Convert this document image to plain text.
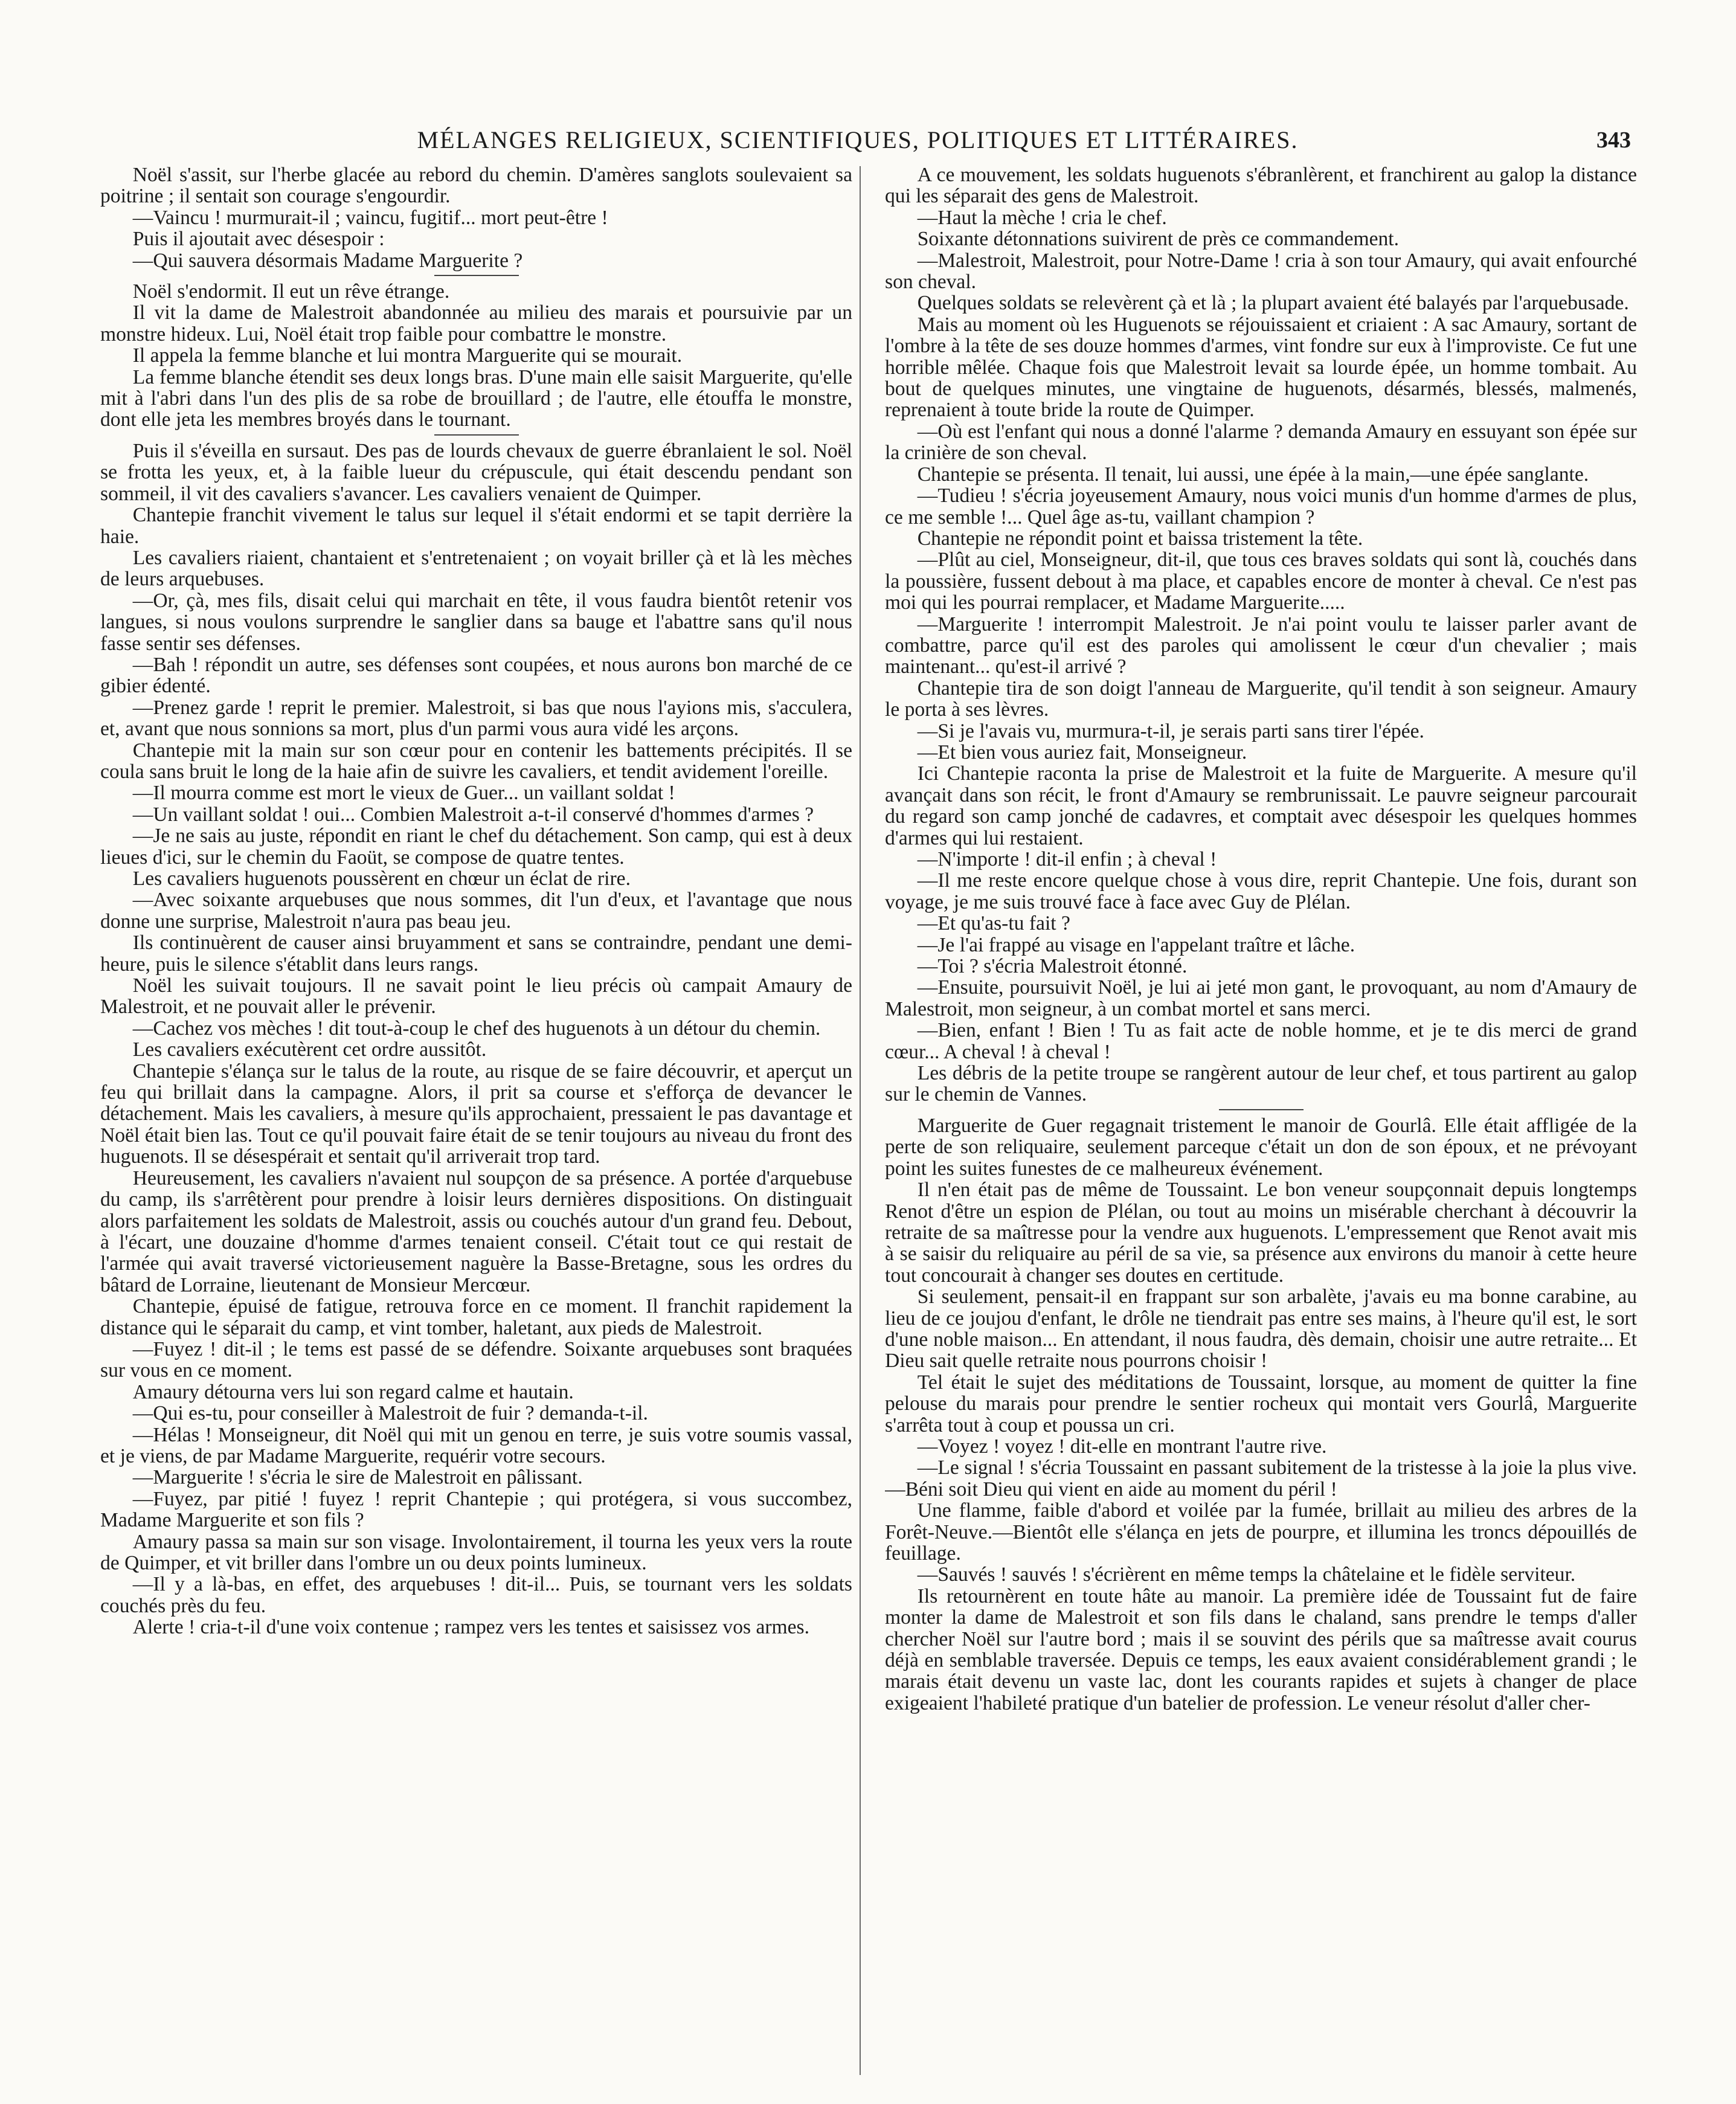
MÉLANGES RELIGIEUX, SCIENTIFIQUES, POLITIQUES ET LITTÉRAIRES.	343

Noël s'assit, sur l'herbe glacée au rebord du chemin. D'amères sanglots soulevaient sa poitrine ; il sentait son courage s'engourdir.

—Vaincu ! murmurait-il ; vaincu, fugitif... mort peut-être !

Puis il ajoutait avec désespoir :

—Qui sauvera désormais Madame Marguerite ?

Noël s'endormit. Il eut un rêve étrange.

Il vit la dame de Malestroit abandonnée au milieu des marais et poursuivie par un monstre hideux. Lui, Noël était trop faible pour combattre le monstre.

Il appela la femme blanche et lui montra Marguerite qui se mourait.

La femme blanche étendit ses deux longs bras. D'une main elle saisit Marguerite, qu'elle mit à l'abri dans l'un des plis de sa robe de brouillard ; de l'autre, elle étouffa le monstre, dont elle jeta les membres broyés dans le tournant.

Puis il s'éveilla en sursaut. Des pas de lourds chevaux de guerre ébranlaient le sol. Noël se frotta les yeux, et, à la faible lueur du crépuscule, qui était descendu pendant son sommeil, il vit des cavaliers s'avancer. Les cavaliers venaient de Quimper.

Chantepie franchit vivement le talus sur lequel il s'était endormi et se tapit derrière la haie.

Les cavaliers riaient, chantaient et s'entretenaient ; on voyait briller çà et là les mèches de leurs arquebuses.

—Or, çà, mes fils, disait celui qui marchait en tête, il vous faudra bientôt retenir vos langues, si nous voulons surprendre le sanglier dans sa bauge et l'abattre sans qu'il nous fasse sentir ses défenses.

—Bah ! répondit un autre, ses défenses sont coupées, et nous aurons bon marché de ce gibier édenté.

—Prenez garde ! reprit le premier. Malestroit, si bas que nous l'ayions mis, s'acculera, et, avant que nous sonnions sa mort, plus d'un parmi vous aura vidé les arçons.

Chantepie mit la main sur son cœur pour en contenir les battements précipités. Il se coula sans bruit le long de la haie afin de suivre les cavaliers, et tendit avidement l'oreille.

—Il mourra comme est mort le vieux de Guer... un vaillant soldat !

—Un vaillant soldat ! oui... Combien Malestroit a-t-il conservé d'hommes d'armes ?

—Je ne sais au juste, répondit en riant le chef du détachement. Son camp, qui est à deux lieues d'ici, sur le chemin du Faoüt, se compose de quatre tentes.

Les cavaliers huguenots poussèrent en chœur un éclat de rire.

—Avec soixante arquebuses que nous sommes, dit l'un d'eux, et l'avantage que nous donne une surprise, Malestroit n'aura pas beau jeu.

Ils continuèrent de causer ainsi bruyamment et sans se contraindre, pendant une demi-heure, puis le silence s'établit dans leurs rangs.

Noël les suivait toujours. Il ne savait point le lieu précis où campait Amaury de Malestroit, et ne pouvait aller le prévenir.

—Cachez vos mèches ! dit tout-à-coup le chef des huguenots à un détour du chemin.

Les cavaliers exécutèrent cet ordre aussitôt.

Chantepie s'élança sur le talus de la route, au risque de se faire découvrir, et aperçut un feu qui brillait dans la campagne. Alors, il prit sa course et s'efforça de devancer le détachement. Mais les cavaliers, à mesure qu'ils approchaient, pressaient le pas davantage et Noël était bien las. Tout ce qu'il pouvait faire était de se tenir toujours au niveau du front des huguenots. Il se désespérait et sentait qu'il arriverait trop tard.

Heureusement, les cavaliers n'avaient nul soupçon de sa présence. A portée d'arquebuse du camp, ils s'arrêtèrent pour prendre à loisir leurs dernières dispositions. On distinguait alors parfaitement les soldats de Malestroit, assis ou couchés autour d'un grand feu. Debout, à l'écart, une douzaine d'homme d'armes tenaient conseil. C'était tout ce qui restait de l'armée qui avait traversé victorieusement naguère la Basse-Bretagne, sous les ordres du bâtard de Lorraine, lieutenant de Monsieur Mercœur.

Chantepie, épuisé de fatigue, retrouva force en ce moment. Il franchit rapidement la distance qui le séparait du camp, et vint tomber, haletant, aux pieds de Malestroit.

—Fuyez ! dit-il ; le tems est passé de se défendre. Soixante arquebuses sont braquées sur vous en ce moment.

Amaury détourna vers lui son regard calme et hautain.

—Qui es-tu, pour conseiller à Malestroit de fuir ? demanda-t-il.

—Hélas ! Monseigneur, dit Noël qui mit un genou en terre, je suis votre soumis vassal, et je viens, de par Madame Marguerite, requérir votre secours.

—Marguerite ! s'écria le sire de Malestroit en pâlissant.

—Fuyez, par pitié ! fuyez ! reprit Chantepie ; qui protégera, si vous succombez, Madame Marguerite et son fils ?

Amaury passa sa main sur son visage. Involontairement, il tourna les yeux vers la route de Quimper, et vit briller dans l'ombre un ou deux points lumineux.

—Il y a là-bas, en effet, des arquebuses ! dit-il... Puis, se tournant vers les soldats couchés près du feu.

Alerte ! cria-t-il d'une voix contenue ; rampez vers les tentes et saisissez vos armes.

A ce mouvement, les soldats huguenots s'ébranlèrent, et franchirent au galop la distance qui les séparait des gens de Malestroit.

—Haut la mèche ! cria le chef.

Soixante détonnations suivirent de près ce commandement.

—Malestroit, Malestroit, pour Notre-Dame ! cria à son tour Amaury, qui avait enfourché son cheval.

Quelques soldats se relevèrent çà et là ; la plupart avaient été balayés par l'arquebusade.

Mais au moment où les Huguenots se réjouissaient et criaient : A sac Amaury, sortant de l'ombre à la tête de ses douze hommes d'armes, vint fondre sur eux à l'improviste. Ce fut une horrible mêlée. Chaque fois que Malestroit levait sa lourde épée, un homme tombait. Au bout de quelques minutes, une vingtaine de huguenots, désarmés, blessés, malmenés, reprenaient à toute bride la route de Quimper.

—Où est l'enfant qui nous a donné l'alarme ? demanda Amaury en essuyant son épée sur la crinière de son cheval.

Chantepie se présenta. Il tenait, lui aussi, une épée à la main,—une épée sanglante.

—Tudieu ! s'écria joyeusement Amaury, nous voici munis d'un homme d'armes de plus, ce me semble !... Quel âge as-tu, vaillant champion ?

Chantepie ne répondit point et baissa tristement la tête.

—Plût au ciel, Monseigneur, dit-il, que tous ces braves soldats qui sont là, couchés dans la poussière, fussent debout à ma place, et capables encore de monter à cheval. Ce n'est pas moi qui les pourrai remplacer, et Madame Marguerite.....

—Marguerite ! interrompit Malestroit. Je n'ai point voulu te laisser parler avant de combattre, parce qu'il est des paroles qui amolissent le cœur d'un chevalier ; mais maintenant... qu'est-il arrivé ?

Chantepie tira de son doigt l'anneau de Marguerite, qu'il tendit à son seigneur. Amaury le porta à ses lèvres.

—Si je l'avais vu, murmura-t-il, je serais parti sans tirer l'épée.

—Et bien vous auriez fait, Monseigneur.

Ici Chantepie raconta la prise de Malestroit et la fuite de Marguerite. A mesure qu'il avançait dans son récit, le front d'Amaury se rembrunissait. Le pauvre seigneur parcourait du regard son camp jonché de cadavres, et comptait avec désespoir les quelques hommes d'armes qui lui restaient.

—N'importe ! dit-il enfin ; à cheval !

—Il me reste encore quelque chose à vous dire, reprit Chantepie. Une fois, durant son voyage, je me suis trouvé face à face avec Guy de Plélan.

—Et qu'as-tu fait ?

—Je l'ai frappé au visage en l'appelant traître et lâche.

—Toi ? s'écria Malestroit étonné.

—Ensuite, poursuivit Noël, je lui ai jeté mon gant, le provoquant, au nom d'Amaury de Malestroit, mon seigneur, à un combat mortel et sans merci.

—Bien, enfant ! Bien ! Tu as fait acte de noble homme, et je te dis merci de grand cœur... A cheval ! à cheval !

Les débris de la petite troupe se rangèrent autour de leur chef, et tous partirent au galop sur le chemin de Vannes.

Marguerite de Guer regagnait tristement le manoir de Gourlâ. Elle était affligée de la perte de son reliquaire, seulement parceque c'était un don de son époux, et ne prévoyant point les suites funestes de ce malheureux événement.

Il n'en était pas de même de Toussaint. Le bon veneur soupçonnait depuis longtemps Renot d'être un espion de Plélan, ou tout au moins un misérable cherchant à découvrir la retraite de sa maîtresse pour la vendre aux huguenots. L'empressement que Renot avait mis à se saisir du reliquaire au péril de sa vie, sa présence aux environs du manoir à cette heure tout concourait à changer ses doutes en certitude.

Si seulement, pensait-il en frappant sur son arbalète, j'avais eu ma bonne carabine, au lieu de ce joujou d'enfant, le drôle ne tiendrait pas entre ses mains, à l'heure qu'il est, le sort d'une noble maison... En attendant, il nous faudra, dès demain, choisir une autre retraite... Et Dieu sait quelle retraite nous pourrons choisir !

Tel était le sujet des méditations de Toussaint, lorsque, au moment de quitter la fine pelouse du marais pour prendre le sentier rocheux qui montait vers Gourlâ, Marguerite s'arrêta tout à coup et poussa un cri.

—Voyez ! voyez ! dit-elle en montrant l'autre rive.

—Le signal ! s'écria Toussaint en passant subitement de la tristesse à la joie la plus vive.—Béni soit Dieu qui vient en aide au moment du péril !

Une flamme, faible d'abord et voilée par la fumée, brillait au milieu des arbres de la Forêt-Neuve.—Bientôt elle s'élança en jets de pourpre, et illumina les troncs dépouillés de feuillage.

—Sauvés ! sauvés ! s'écrièrent en même temps la châtelaine et le fidèle serviteur.

Ils retournèrent en toute hâte au manoir. La première idée de Toussaint fut de faire monter la dame de Malestroit et son fils dans le chaland, sans prendre le temps d'aller chercher Noël sur l'autre bord ; mais il se souvint des périls que sa maîtresse avait courus déjà en semblable traversée. Depuis ce temps, les eaux avaient considérablement grandi ; le marais était devenu un vaste lac, dont les courants rapides et sujets à changer de place exigeaient l'habileté pratique d'un batelier de profession. Le veneur résolut d'aller cher-
